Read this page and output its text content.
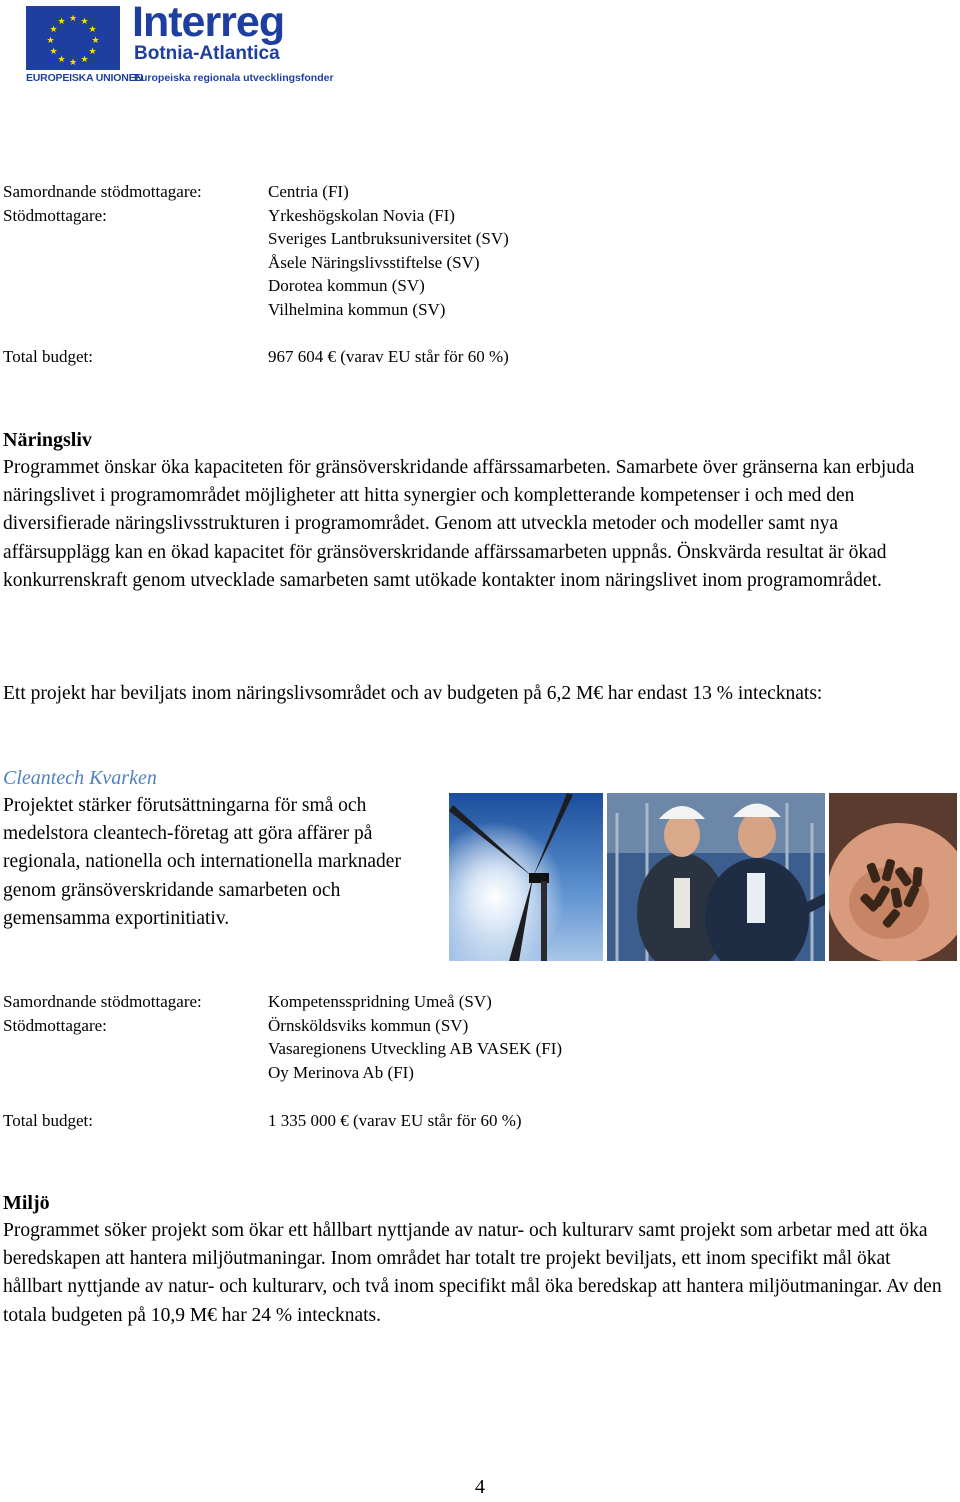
★ ★
★
★
★
★
★
★
★
★
★
★
EUROPEISKA UNIONEN
Interreg
Botnia-Atlantica
Europeiska regionala utvecklingsfonder
Samordnande stödmottagare:	Centria (FI)
Stödmottagare:	Yrkeshögskolan Novia (FI)
Sveriges Lantbruksuniversitet (SV)
Åsele Näringslivsstiftelse (SV)
Dorotea kommun (SV)
Vilhelmina kommun (SV)
Total budget:	967 604 € (varav EU står för 60 %)
Näringsliv

Programmet önskar öka kapaciteten för gränsöverskridande affärssamarbeten. Samarbete över gränserna kan erbjuda näringslivet i programområdet möjligheter att hitta synergier och kompletterande kompetenser i och med den diversifierade näringslivsstrukturen i programområdet. Genom att utveckla metoder och modeller samt nya affärsupplägg kan en ökad kapacitet för gränsöverskridande affärssamarbeten uppnås. Önskvärda resultat är ökad konkurrenskraft genom utvecklade samarbeten samt utökade kontakter inom näringslivet inom programområdet.

Ett projekt har beviljats inom näringslivsområdet och av budgeten på 6,2 M€ har endast 13 % intecknats:

Cleantech Kvarken
Projektet stärker förutsättningarna för små och medelstora cleantech-företag att göra affärer på regionala, nationella och internationella marknader genom gränsöverskridande samarbeten och gemensamma exportinitiativ.
Samordnande stödmottagare:	Kompetensspridning Umeå (SV)
Stödmottagare:	Örnsköldsviks kommun (SV)
Vasaregionens Utveckling AB VASEK (FI)
Oy Merinova Ab (FI)
Total budget:	1 335 000 € (varav EU står för 60 %)
Miljö

Programmet söker projekt som ökar ett hållbart nyttjande av natur- och kulturarv samt projekt som arbetar med att öka beredskapen att hantera miljöutmaningar. Inom området har totalt tre projekt beviljats, ett inom specifikt mål ökat hållbart nyttjande av natur- och kulturarv, och två inom specifikt mål öka beredskap att hantera miljöutmaningar. Av den totala budgeten på 10,9 M€ har 24 % intecknats.

4
